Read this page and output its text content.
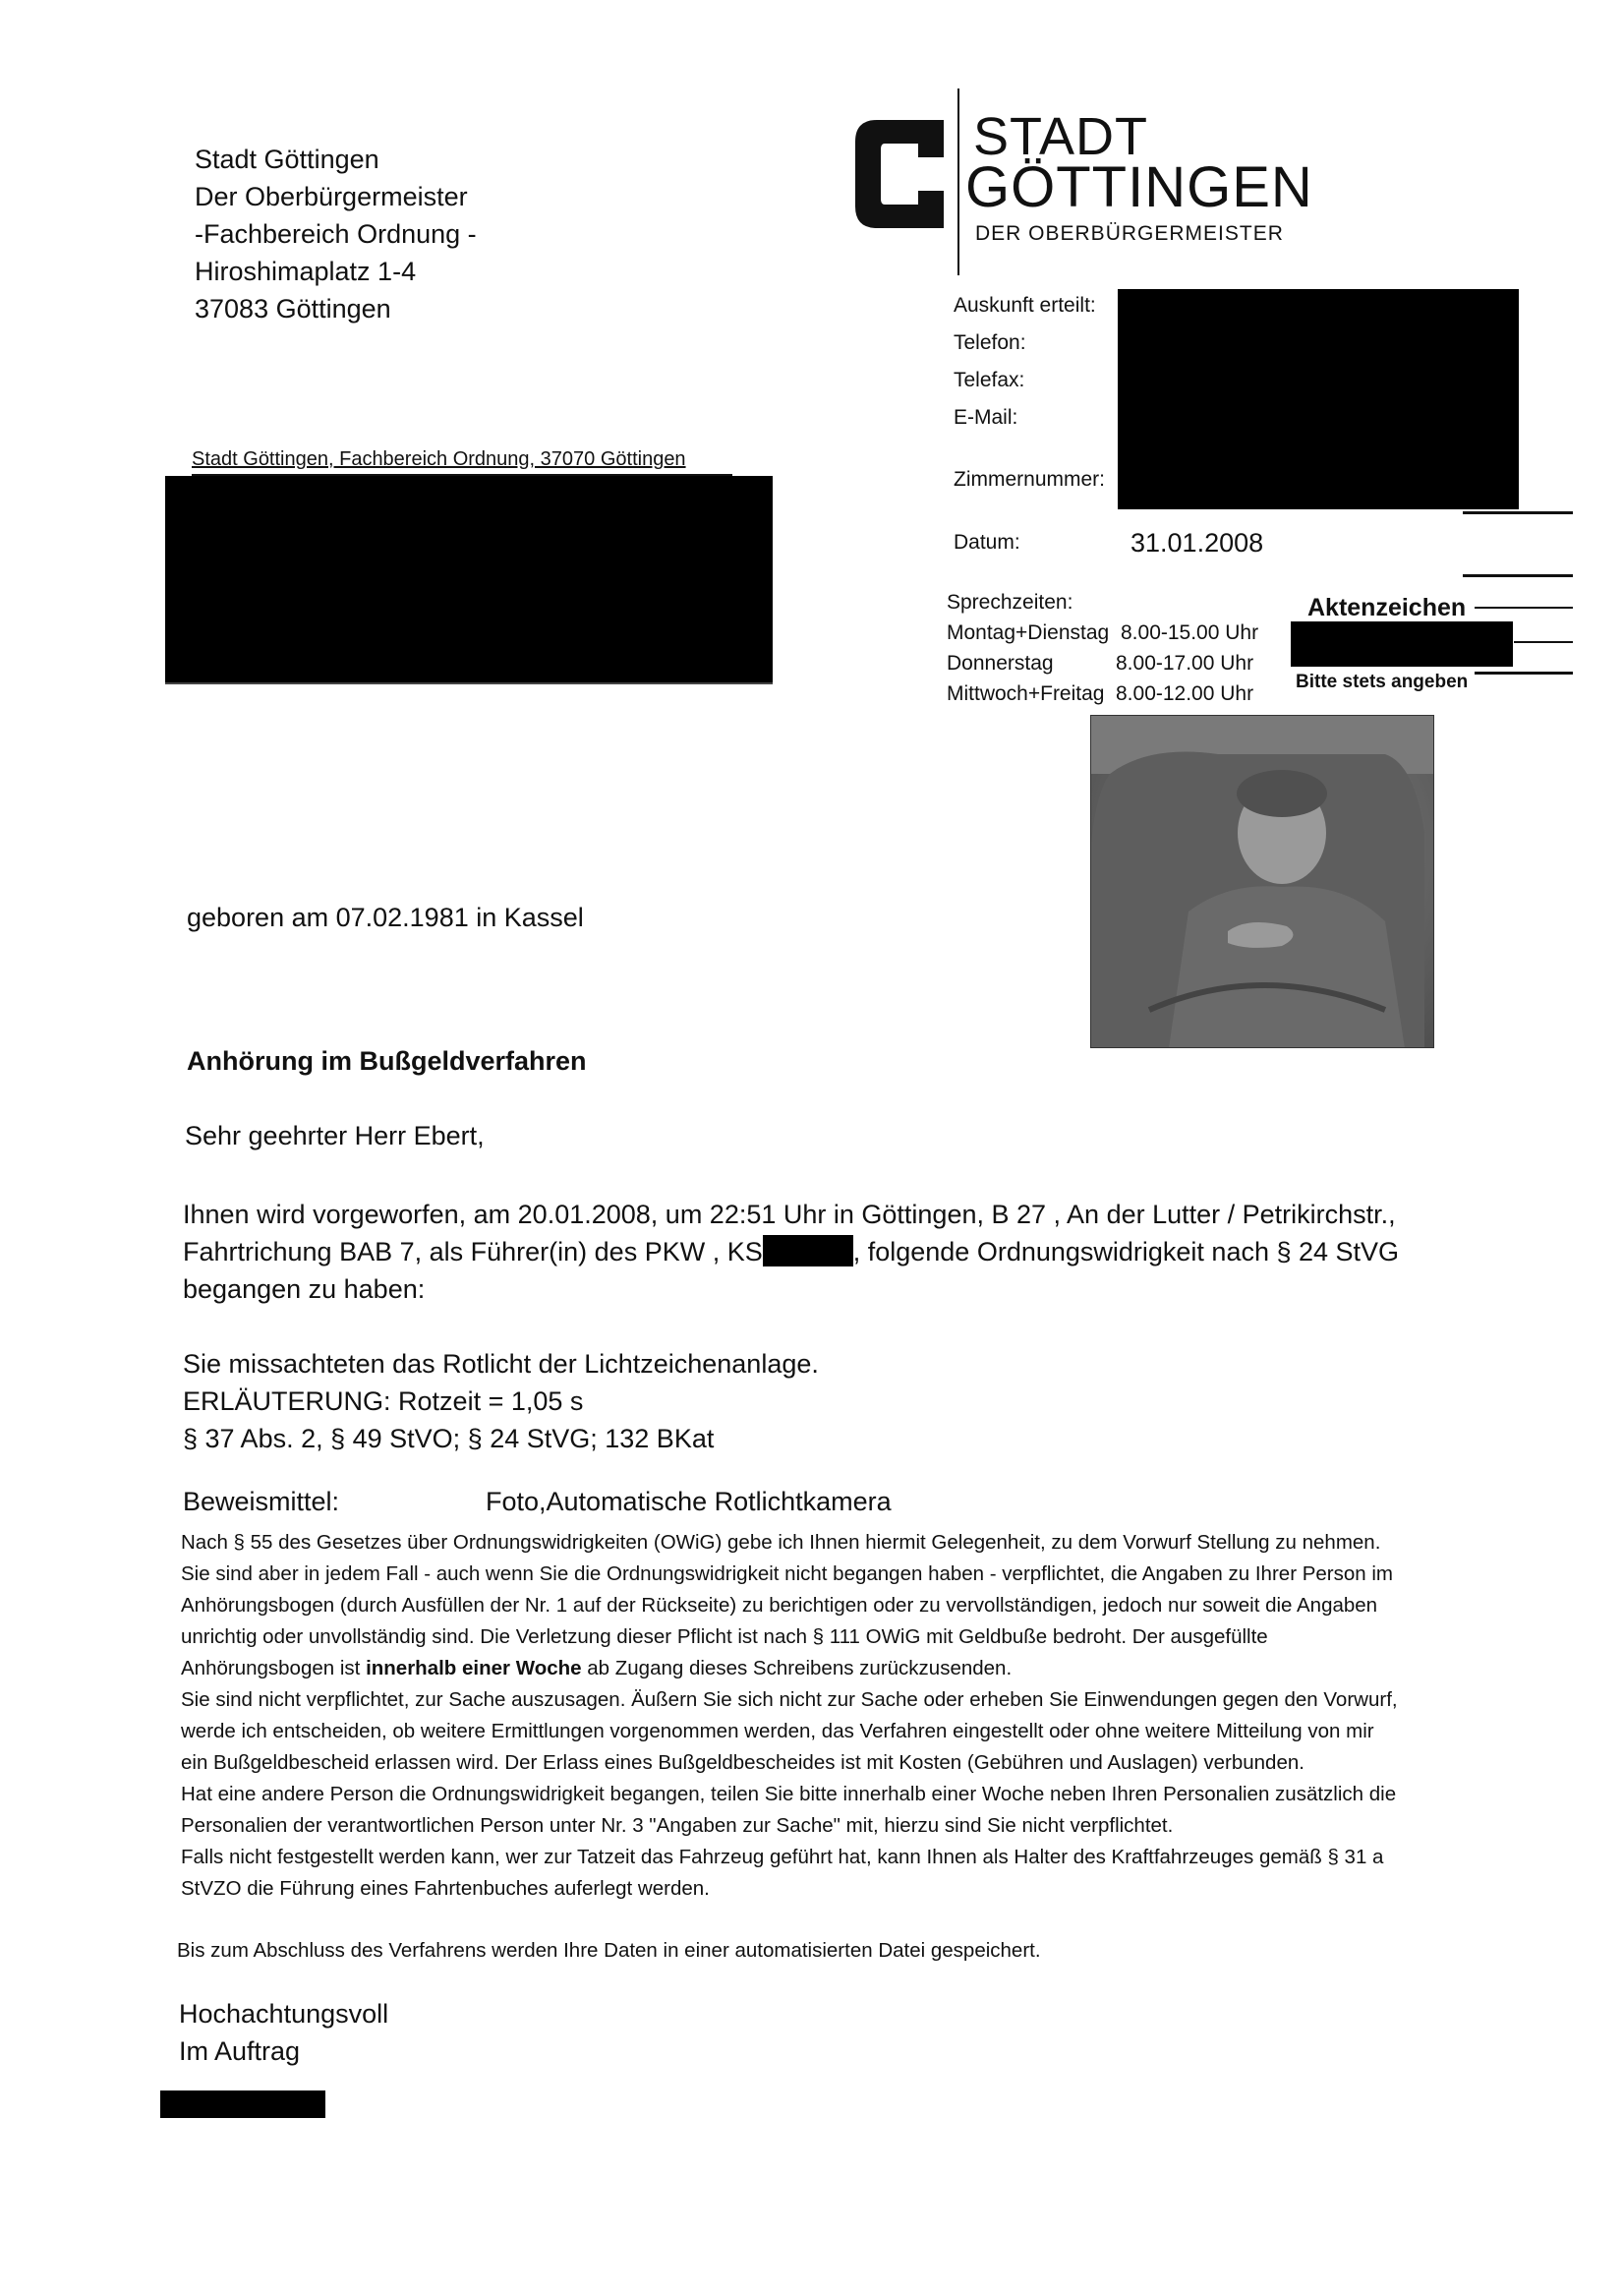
Stadt Göttingen
Der Oberbürgermeister
-Fachbereich Ordnung -
Hiroshimaplatz 1-4
37083 Göttingen
STADT
GÖTTINGEN
DER OBERBÜRGERMEISTER
Auskunft erteilt:
Telefon:
Telefax:
E-Mail:
Zimmernummer:
Datum:	31.01.2008
Sprechzeiten:
Montag+Dienstag 8.00-15.00 Uhr
Donnerstag	8.00-17.00 Uhr
Mittwoch+Freitag 8.00-12.00 Uhr
Aktenzeichen
Bitte stets angeben
Stadt Göttingen, Fachbereich Ordnung, 37070 Göttingen
geboren am 07.02.1981 in Kassel
Anhörung im Bußgeldverfahren
Sehr geehrter Herr Ebert,
Ihnen wird vorgeworfen, am 20.01.2008, um 22:51 Uhr in Göttingen, B 27 , An der Lutter / Petrikirchstr.,
Fahrtrichung BAB 7, als Führer(in) des PKW , KS	, folgende Ordnungswidrigkeit nach § 24 StVG
begangen zu haben:
Sie missachteten das Rotlicht der Lichtzeichenanlage.
ERLÄUTERUNG: Rotzeit = 1,05 s
§ 37 Abs. 2, § 49 StVO; § 24 StVG; 132 BKat
Beweismittel:	Foto,Automatische Rotlichtkamera
Nach § 55 des Gesetzes über Ordnungswidrigkeiten (OWiG) gebe ich Ihnen hiermit Gelegenheit, zu dem Vorwurf Stellung zu nehmen.
Sie sind aber in jedem Fall - auch wenn Sie die Ordnungswidrigkeit nicht begangen haben - verpflichtet, die Angaben zu Ihrer Person im
Anhörungsbogen (durch Ausfüllen der Nr. 1 auf der Rückseite) zu berichtigen oder zu vervollständigen, jedoch nur soweit die Angaben
unrichtig oder unvollständig sind. Die Verletzung dieser Pflicht ist nach § 111 OWiG mit Geldbuße bedroht. Der ausgefüllte
Anhörungsbogen ist innerhalb einer Woche ab Zugang dieses Schreibens zurückzusenden.
Sie sind nicht verpflichtet, zur Sache auszusagen. Äußern Sie sich nicht zur Sache oder erheben Sie Einwendungen gegen den Vorwurf,
werde ich entscheiden, ob weitere Ermittlungen vorgenommen werden, das Verfahren eingestellt oder ohne weitere Mitteilung von mir
ein Bußgeldbescheid erlassen wird. Der Erlass eines Bußgeldbescheides ist mit Kosten (Gebühren und Auslagen) verbunden.
Hat eine andere Person die Ordnungswidrigkeit begangen, teilen Sie bitte innerhalb einer Woche neben Ihren Personalien zusätzlich die
Personalien der verantwortlichen Person unter Nr. 3 "Angaben zur Sache" mit, hierzu sind Sie nicht verpflichtet.
Falls nicht festgestellt werden kann, wer zur Tatzeit das Fahrzeug geführt hat, kann Ihnen als Halter des Kraftfahrzeuges gemäß § 31 a
StVZO die Führung eines Fahrtenbuches auferlegt werden.
Bis zum Abschluss des Verfahrens werden Ihre Daten in einer automatisierten Datei gespeichert.
Hochachtungsvoll
Im Auftrag
